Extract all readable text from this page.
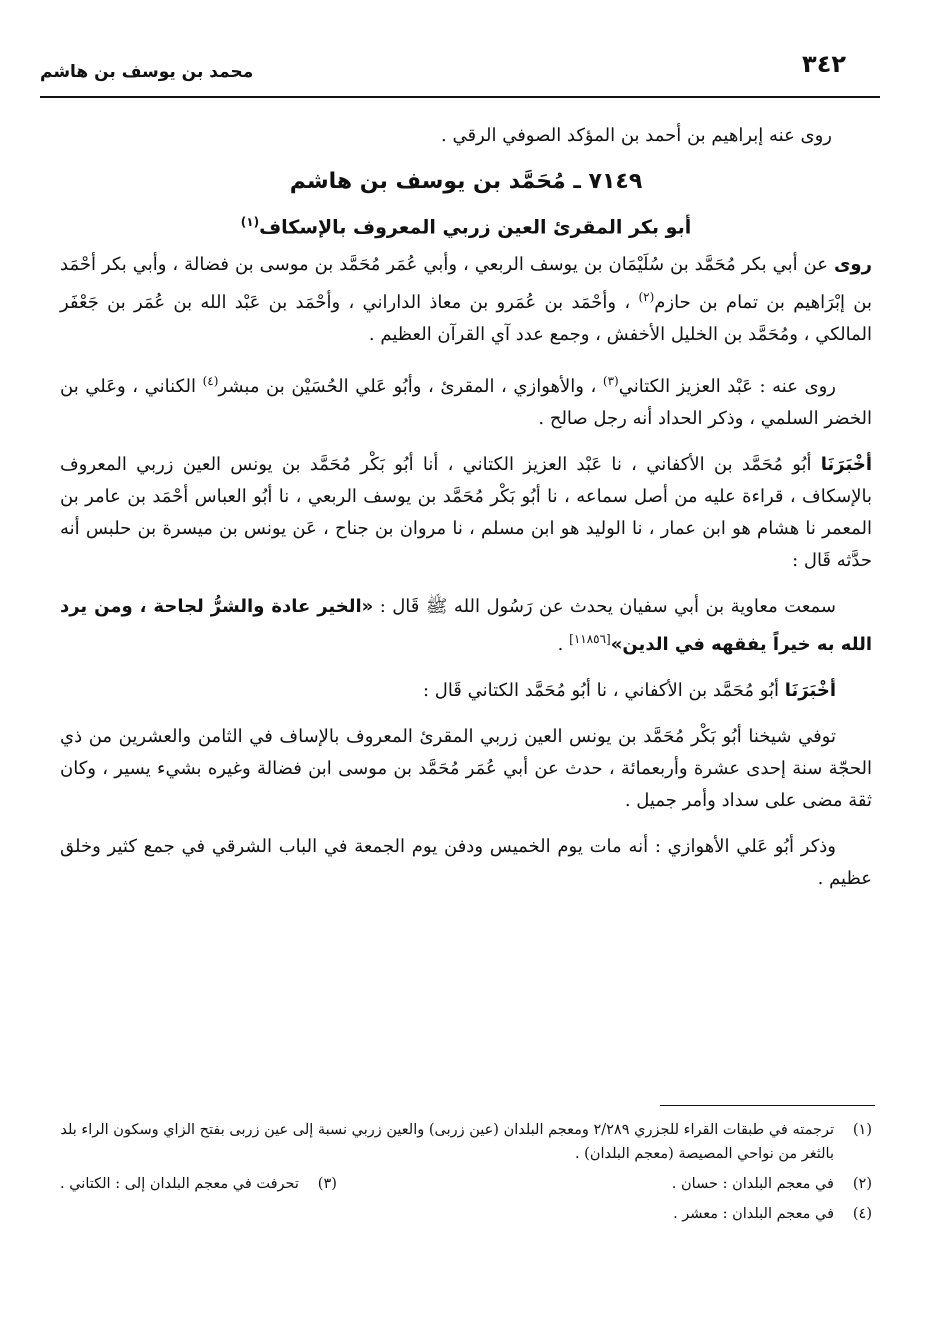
٣٤٢
محمد بن يوسف بن هاشم

روى عنه إبراهيم بن أحمد بن المؤكد الصوفي الرقي .

٧١٤٩ ـ مُحَمَّد بن يوسف بن هاشم
أبو بكر المقرئ العين زربي المعروف بالإسكاف$^{(١)}$

روى عن أبي بكر مُحَمَّد بن سُلَيْمَان بن يوسف الربعي ، وأبي عُمَر مُحَمَّد بن موسى بن فضالة ، وأبي بكر أحْمَد بن إبْرَاهيم بن تمام بن حازم$^{(٢)}$ ، وأحْمَد بن عُمَرو بن معاذ الداراني ، وأحْمَد بن عَبْد الله بن عُمَر بن جَعْفَر المالكي ، ومُحَمَّد بن الخليل الأخفش ، وجمع عدد آي القرآن العظيم .

روى عنه : عَبْد العزيز الكتاني$^{(٣)}$ ، والأهوازي ، المقرئ ، وأبُو عَلي الحُسَيْن بن مبشر$^{(٤)}$ الكناني ، وعَلي بن الخضر السلمي ، وذكر الحداد أنه رجل صالح .

أخْبَرَنَا أبُو مُحَمَّد بن الأكفاني ، نا عَبْد العزيز الكتاني ، أنا أبُو بَكْر مُحَمَّد بن يونس العين زربي المعروف بالإسكاف ، قراءة عليه من أصل سماعه ، نا أبُو بَكْر مُحَمَّد بن يوسف الربعي ، نا أبُو العباس أحْمَد بن عامر بن المعمر نا هشام هو ابن عمار ، نا الوليد هو ابن مسلم ، نا مروان بن جناح ، عَن يونس بن ميسرة بن حلبس أنه حدَّثه قَال :

سمعت معاوية بن أبي سفيان يحدث عن رَسُول الله ﷺ قَال : «الخير عادة والشرُّ لجاحة ، ومن يرد الله به خيراً يفقهه في الدين»[١١٨٥٦] .

أخْبَرَنَا أبُو مُحَمَّد بن الأكفاني ، نا أبُو مُحَمَّد الكتاني قَال :

توفي شيخنا أبُو بَكْر مُحَمَّد بن يونس العين زربي المقرئ المعروف بالإساف في الثامن والعشرين من ذي الحجّة سنة إحدى عشرة وأربعمائة ، حدث عن أبي عُمَر مُحَمَّد بن موسى ابن فضالة وغيره بشيء يسير ، وكان ثقة مضى على سداد وأمر جميل .

وذكر أبُو عَلي الأهوازي : أنه مات يوم الخميس ودفن يوم الجمعة في الباب الشرقي في جمع كثير وخلق عظيم .

(١)
ترجمته في طبقات القراء للجزري ٢/٢٨٩ ومعجم البلدان (عين زربى) والعين زربي نسبة إلى عين زربى بفتح الزاي وسكون الراء بلد بالثغر من نواحي المصيصة (معجم البلدان) .
(٢)
في معجم البلدان : حسان .
(٣)
تحرفت في معجم البلدان إلى : الكتاني .
(٤)
في معجم البلدان : معشر .
